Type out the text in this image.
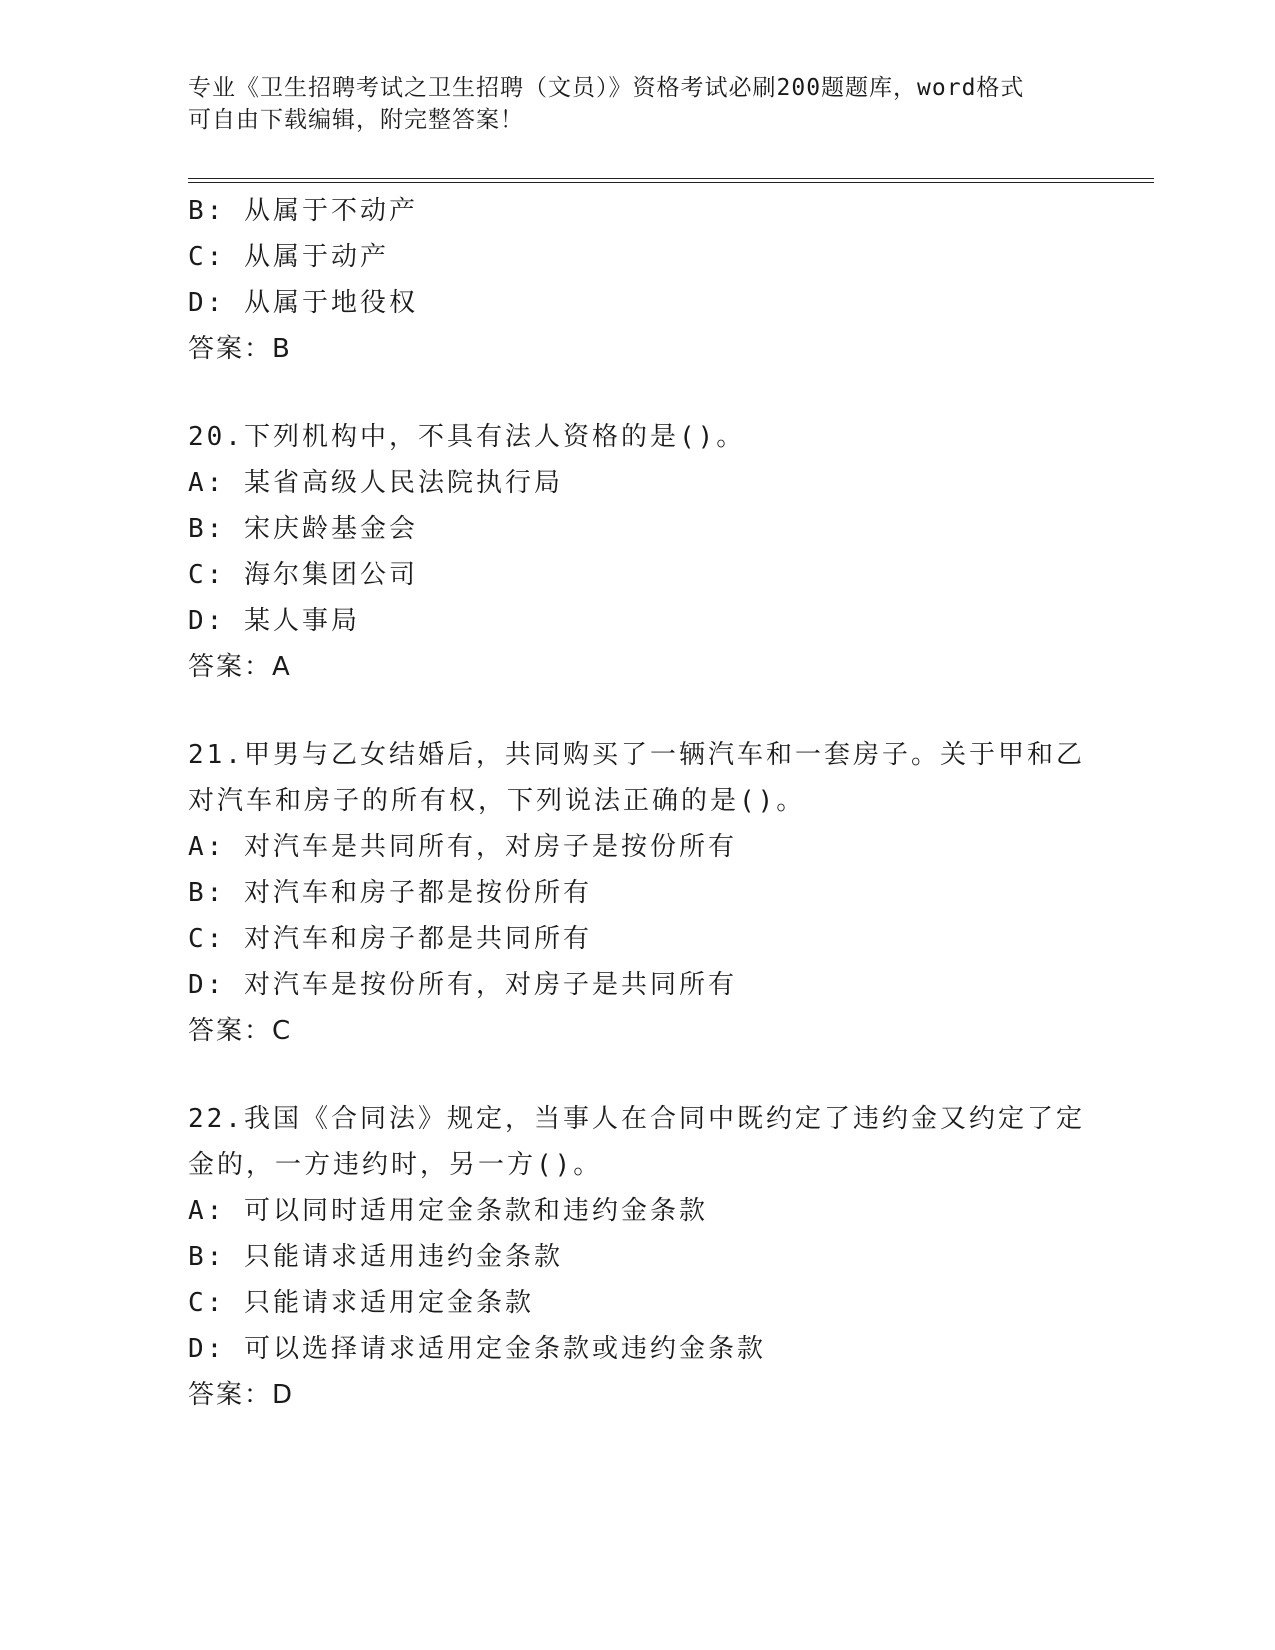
专业《卫生招聘考试之卫生招聘（文员）》资格考试必刷200题题库，word格式
可自由下载编辑，附完整答案！

B: 从属于不动产

C: 从属于动产

D: 从属于地役权

答案：B

20.下列机构中，不具有法人资格的是()。

A: 某省高级人民法院执行局

B: 宋庆龄基金会

C: 海尔集团公司

D: 某人事局

答案：A

21.甲男与乙女结婚后，共同购买了一辆汽车和一套房子。关于甲和乙

对汽车和房子的所有权，下列说法正确的是()。

A: 对汽车是共同所有，对房子是按份所有

B: 对汽车和房子都是按份所有

C: 对汽车和房子都是共同所有

D: 对汽车是按份所有，对房子是共同所有

答案：C

22.我国《合同法》规定，当事人在合同中既约定了违约金又约定了定

金的，一方违约时，另一方()。

A: 可以同时适用定金条款和违约金条款

B: 只能请求适用违约金条款

C: 只能请求适用定金条款

D: 可以选择请求适用定金条款或违约金条款

答案：D
